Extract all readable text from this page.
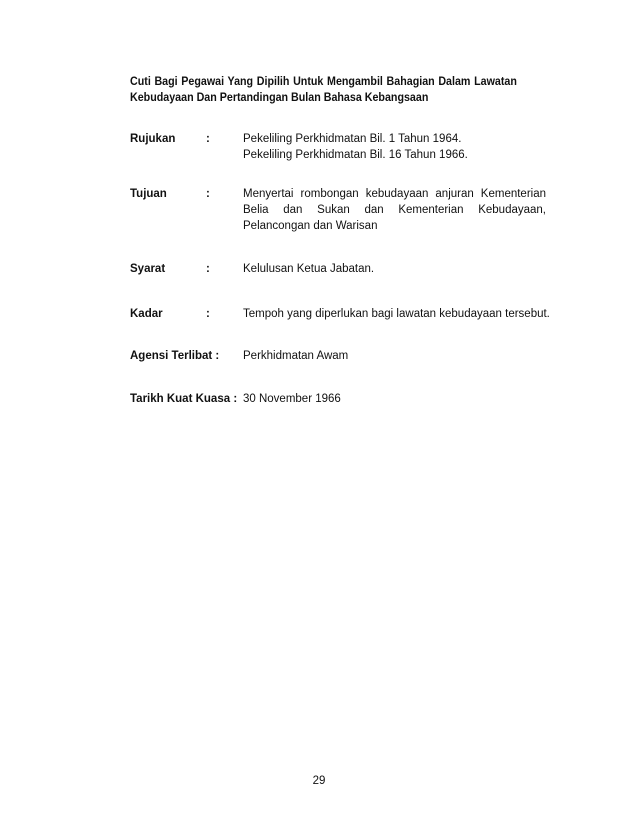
Cuti Bagi Pegawai Yang Dipilih Untuk Mengambil Bahagian Dalam Lawatan Kebudayaan Dan Pertandingan Bulan Bahasa Kebangsaan
Rujukan	:	Pekeliling Perkhidmatan Bil. 1 Tahun 1964.
Pekeliling Perkhidmatan Bil. 16 Tahun 1966.
Tujuan	:	Menyertai rombongan kebudayaan anjuran Kementerian Belia dan Sukan dan Kementerian Kebudayaan, Pelancongan dan Warisan
Syarat	:	Kelulusan Ketua Jabatan.
Kadar	:	Tempoh yang diperlukan bagi lawatan kebudayaan tersebut.
Agensi Terlibat : Perkhidmatan Awam
Tarikh Kuat Kuasa : 30 November 1966
29
